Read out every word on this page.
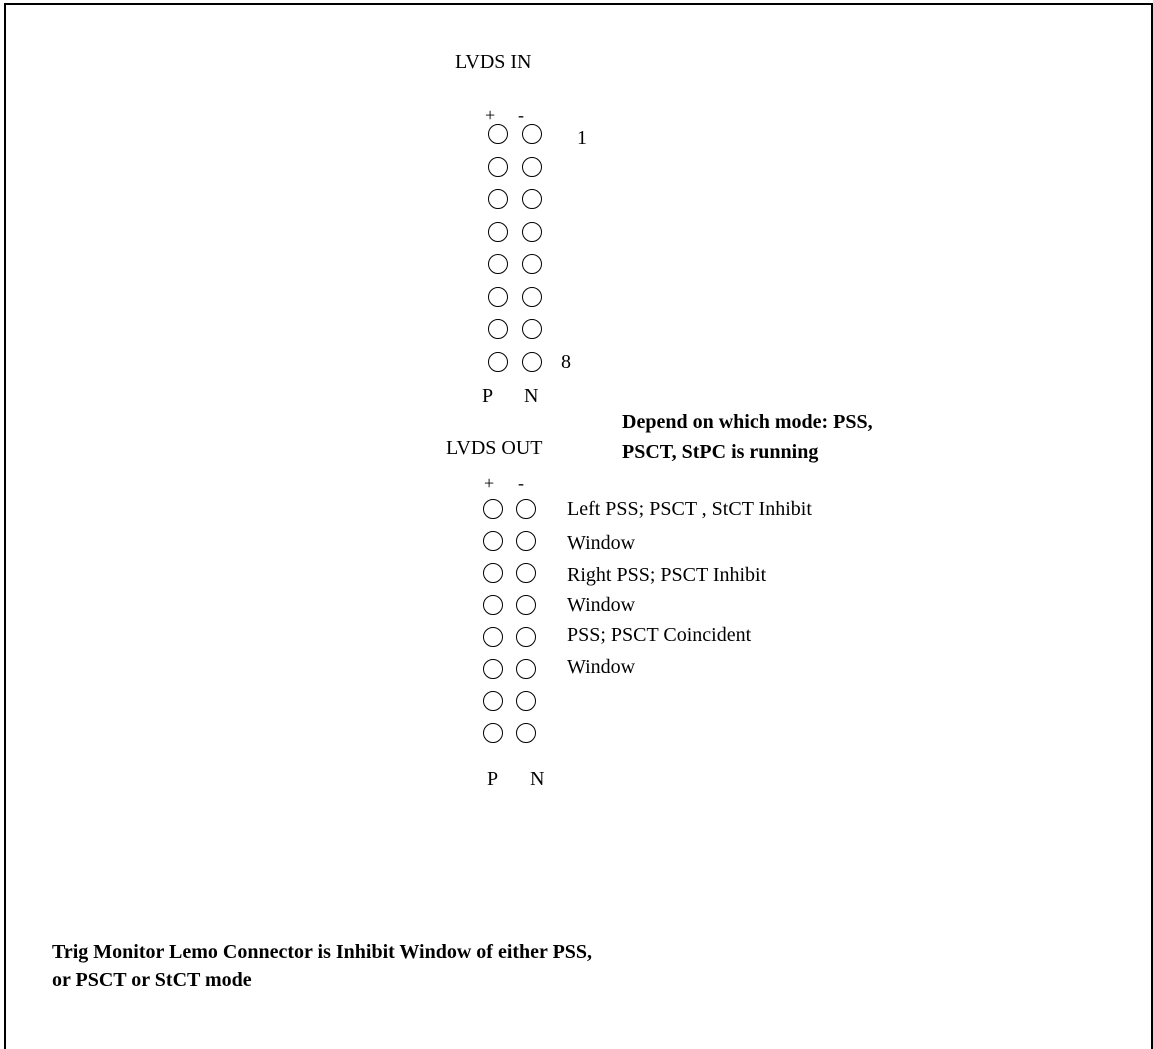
LVDS IN
+ -
1
8
P N
Depend on which mode: PSS,
PSCT, StPC is running
LVDS OUT
+ -
Left PSS; PSCT , StCT Inhibit
Window
Right PSS; PSCT Inhibit
Window
PSS; PSCT Coincident
Window
P N
Trig Monitor Lemo Connector is Inhibit Window of either PSS,
or PSCT or StCT mode
